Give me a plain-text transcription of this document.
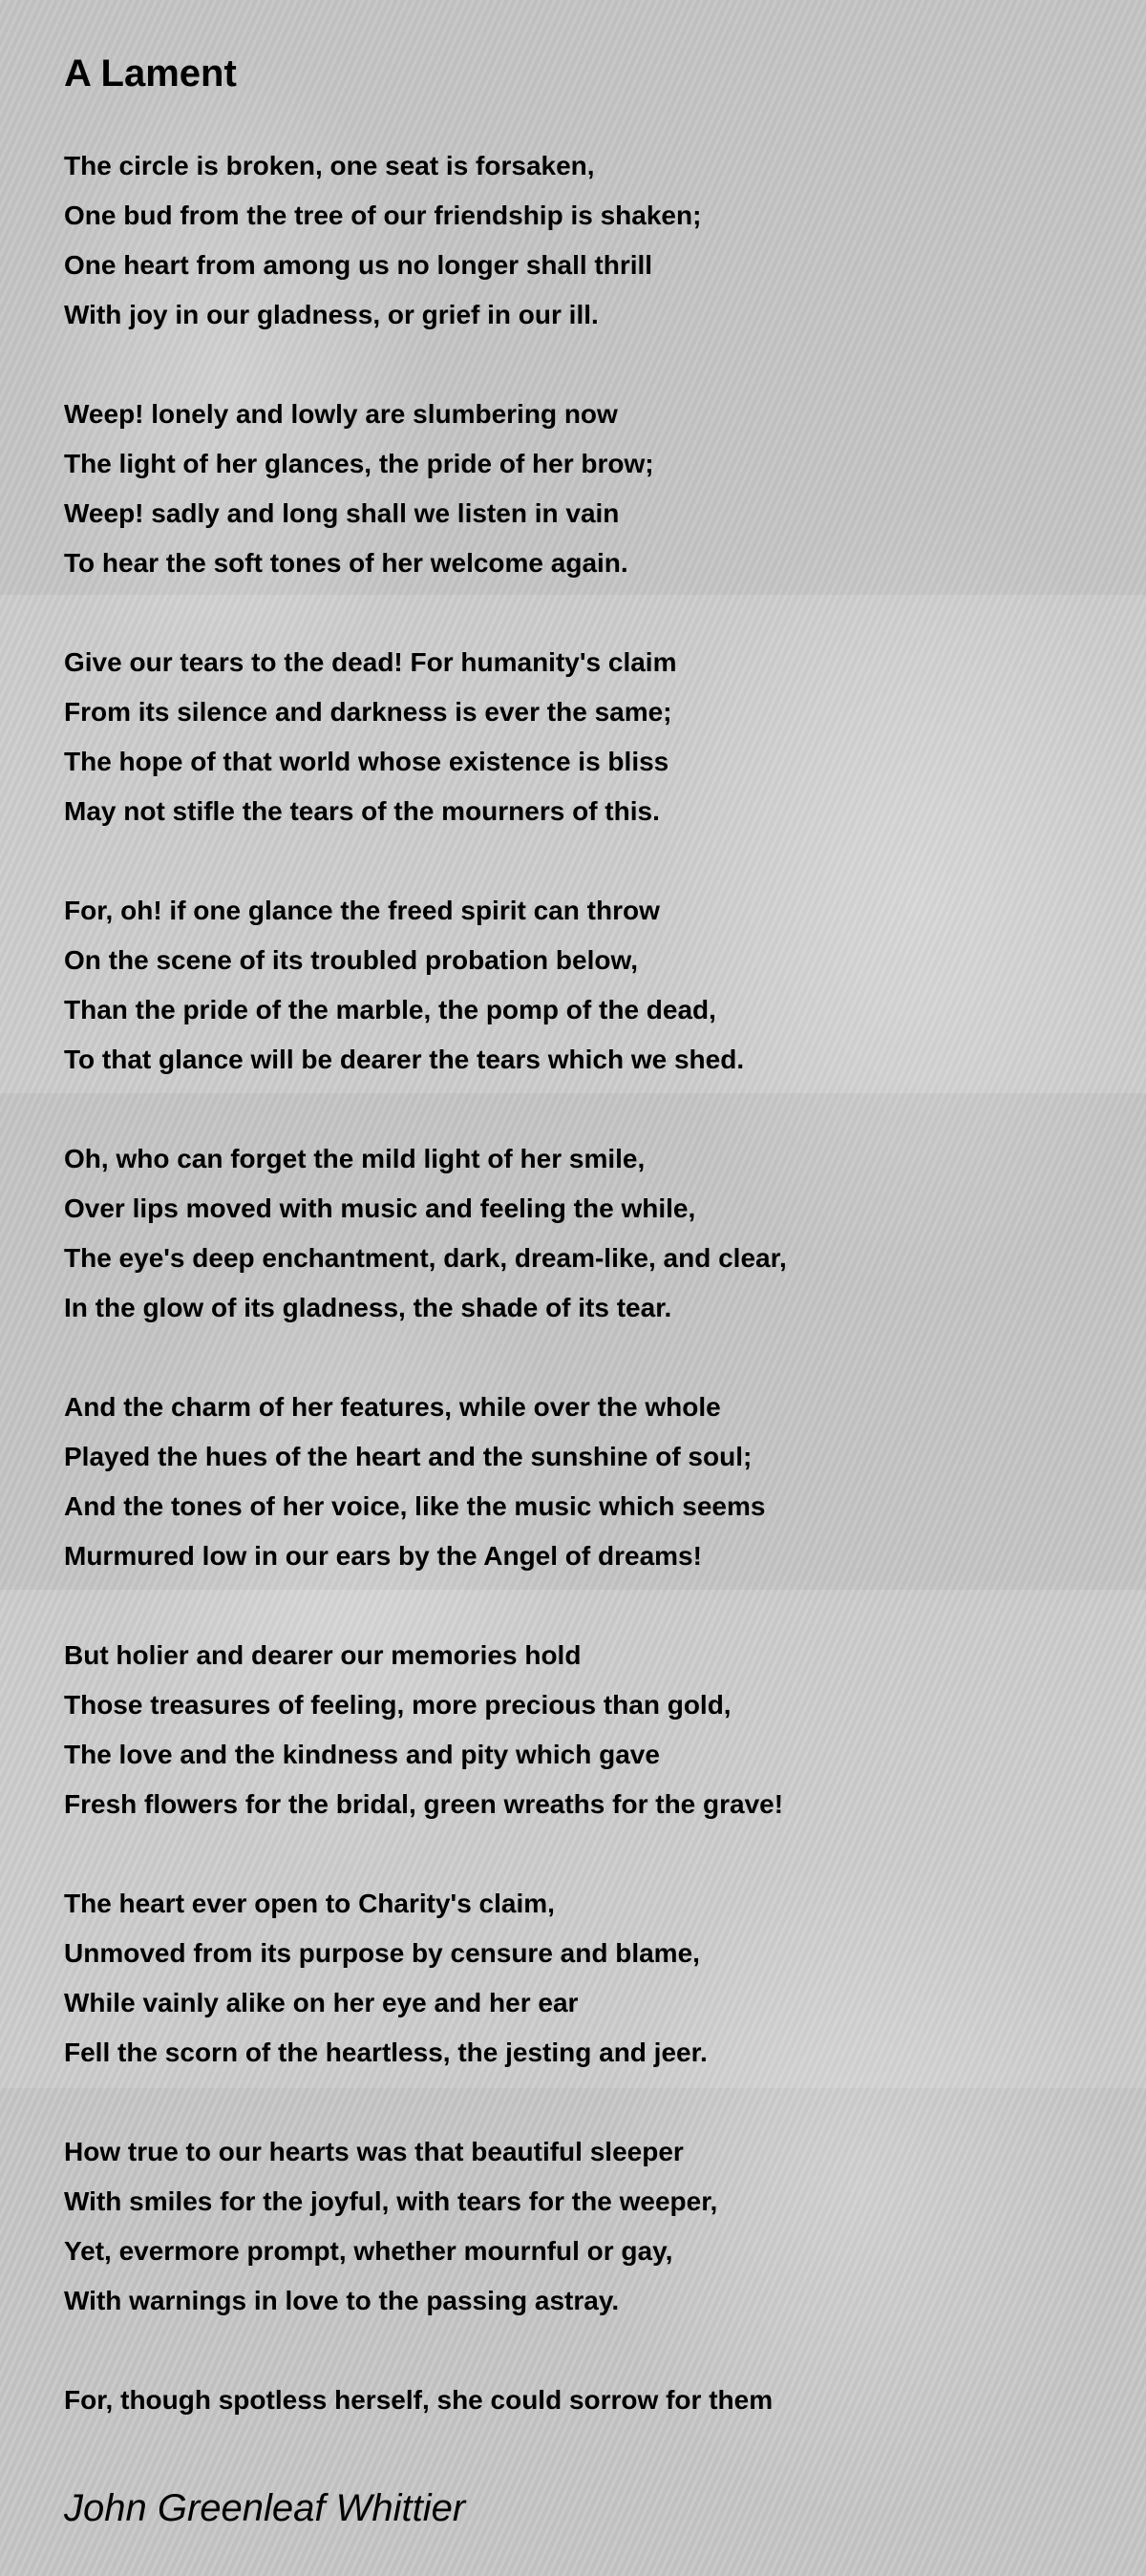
A Lament
The circle is broken, one seat is forsaken,
One bud from the tree of our friendship is shaken;
One heart from among us no longer shall thrill
With joy in our gladness, or grief in our ill.
Weep! lonely and lowly are slumbering now
The light of her glances, the pride of her brow;
Weep! sadly and long shall we listen in vain
To hear the soft tones of her welcome again.
Give our tears to the dead! For humanity's claim
From its silence and darkness is ever the same;
The hope of that world whose existence is bliss
May not stifle the tears of the mourners of this.
For, oh! if one glance the freed spirit can throw
On the scene of its troubled probation below,
Than the pride of the marble, the pomp of the dead,
To that glance will be dearer the tears which we shed.
Oh, who can forget the mild light of her smile,
Over lips moved with music and feeling the while,
The eye's deep enchantment, dark, dream-like, and clear,
In the glow of its gladness, the shade of its tear.
And the charm of her features, while over the whole
Played the hues of the heart and the sunshine of soul;
And the tones of her voice, like the music which seems
Murmured low in our ears by the Angel of dreams!
But holier and dearer our memories hold
Those treasures of feeling, more precious than gold,
The love and the kindness and pity which gave
Fresh flowers for the bridal, green wreaths for the grave!
The heart ever open to Charity's claim,
Unmoved from its purpose by censure and blame,
While vainly alike on her eye and her ear
Fell the scorn of the heartless, the jesting and jeer.
How true to our hearts was that beautiful sleeper
With smiles for the joyful, with tears for the weeper,
Yet, evermore prompt, whether mournful or gay,
With warnings in love to the passing astray.
For, though spotless herself, she could sorrow for them
John Greenleaf Whittier
